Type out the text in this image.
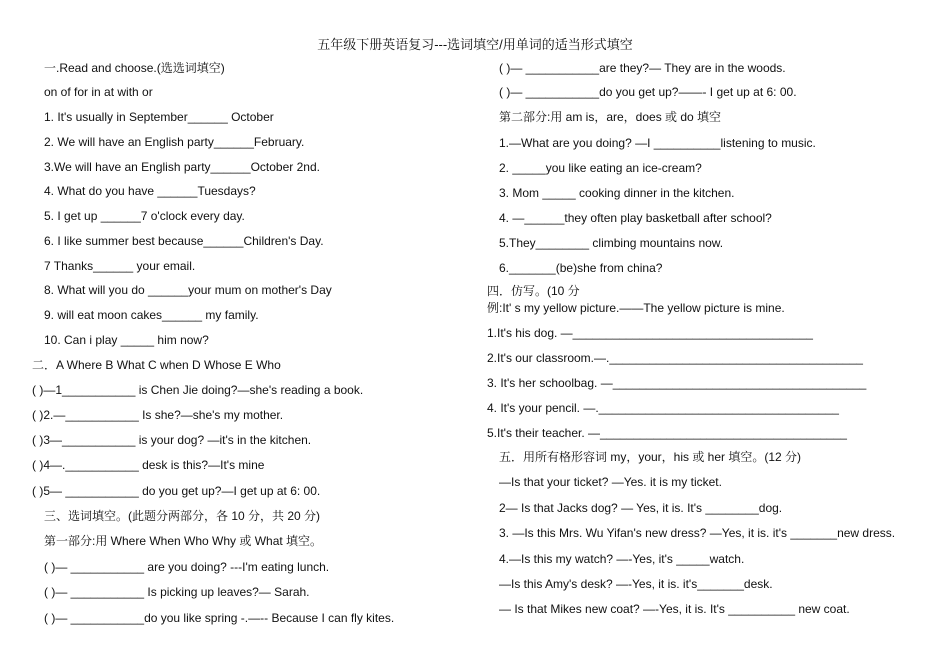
五年级下册英语复习---选词填空/用单词的适当形式填空
一.Read and choose.(选选词填空)
on of for in at with or
1. It's usually in September______ October
2. We will have an English party______February.
3.We will have an English party______October 2nd.
4. What do you have ______Tuesdays?
5. I get up ______7 o'clock every day.
6. I like summer best because______Children's Day.
7 Thanks______ your email.
8. What will you do ______your mum on mother's Day
9. will eat moon cakes______ my family.
10. Can i play _____ him now?
二．A Where B What C when D Whose E Who
( )—1___________ is Chen Jie doing?—she's reading a book.
( )2.—___________ Is she?—she's my mother.
( )3—___________ is your dog? —it's in the kitchen.
( )4—.___________ desk is this?—It's mine
( )5— ___________ do you get up?—I get up at 6: 00.
三、选词填空。(此题分两部分，各 10 分，共 20 分)
第一部分:用 Where When Who Why 或 What 填空。
( )— ___________ are you doing? ---I'm eating lunch.
( )— ___________ Is picking up leaves?— Sarah.
( )— ___________do you like spring -.—-- Because I can fly kites.
( )— ___________are they?— They are in the woods.
( )— ___________do you get up?——- I get up at 6: 00.
第二部分:用 am is，are，does 或 do 填空
1.—What are you doing? —I __________listening to music.
2. _____you like eating an ice-cream?
3. Mom _____ cooking dinner in the kitchen.
4. —______they often play basketball after school?
5.They________ climbing mountains now.
6._______(be)she from china?
四．仿写。(10 分
例:It' s my yellow picture.——The yellow picture is mine.
1.It's his dog. —____________________________________
2.It's our classroom.—.______________________________________
3. It's her schoolbag. —______________________________________
4. It's your pencil. —.____________________________________
5.It's their teacher. —_____________________________________
五．用所有格形容词 my，your，his 或 her 填空。(12 分)
—Is that your ticket? —Yes. it is my ticket.
2— Is that Jacks dog? — Yes, it is. It's ________dog.
3. —Is this Mrs. Wu Yifan's new dress? —Yes, it is. it's _______new dress.
4.—Is this my watch? —-Yes, it's _____watch.
—Is this Amy's desk? —-Yes, it is. it's_______desk.
— Is that Mikes new coat? —-Yes, it is. It's __________ new coat.
